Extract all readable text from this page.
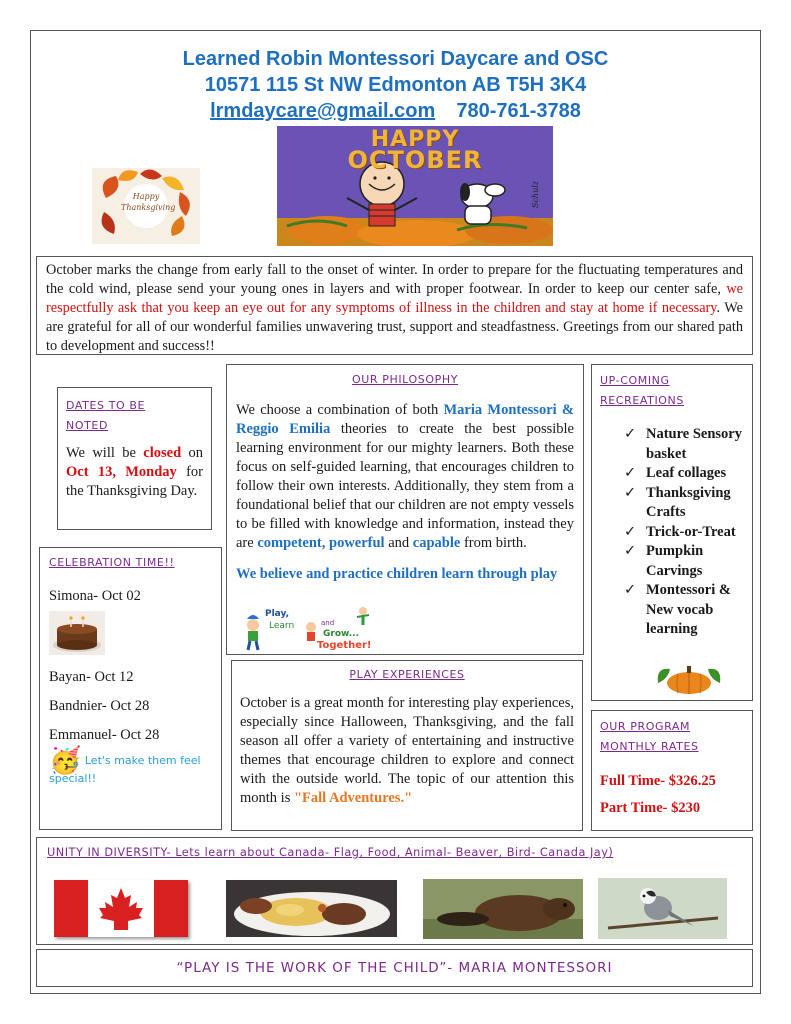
Learned Robin Montessori Daycare and OSC
10571 115 St NW Edmonton AB T5H 3K4
lrmdaycare@gmail.com 780-761-3788
Happy
Thanksgiving
HAPPY
OCTOBER
Schulz

October marks the change from early fall to the onset of winter. In order to prepare for the fluctuating temperatures and the cold wind, please send your young ones in layers and with proper footwear. In order to keep our center safe, we respectfully ask that you keep an eye out for any symptoms of illness in the children and stay at home if necessary. We are grateful for all of our wonderful families unwavering trust, support and steadfastness. Greetings from our shared path to development and success!!

DATES TO BE
NOTED

We will be closed on Oct 13, Monday for the Thanksgiving Day.

OUR PHILOSOPHY

We choose a combination of both Maria Montessori & Reggio Emilia theories to create the best possible learning environment for our mighty learners. Both these focus on self-guided learning, that encourages children to follow their own interests. Additionally, they stem from a foundational belief that our children are not empty vessels to be filled with knowledge and information, instead they are competent, powerful and capable from birth.

We believe and practice children learn through play

Play,
Learn	and
Grow...
Together!
UP-COMING
RECREATIONS
✓ Nature Sensory basket
✓ Leaf collages
✓ Thanksgiving Crafts
✓ Trick-or-Treat
✓ Pumpkin Carvings
✓ Montessori & New vocab learning
CELEBRATION TIME!!
Simona- Oct 02
Bayan- Oct 12
Bandnier- Oct 28
Emmanuel- Oct 28
🥳 Let's make them feel
special!!
PLAY EXPERIENCES

October is a great month for interesting play experiences, especially since Halloween, Thanksgiving, and the fall season all offer a variety of entertaining and instructive themes that encourage children to explore and connect with the outside world. The topic of our attention this month is "Fall Adventures."

OUR PROGRAM
MONTHLY RATES
Full Time- $326.25
Part Time- $230
UNITY IN DIVERSITY- Lets learn about Canada- Flag, Food, Animal- Beaver, Bird- Canada Jay)
“PLAY IS THE WORK OF THE CHILD”- MARIA MONTESSORI
